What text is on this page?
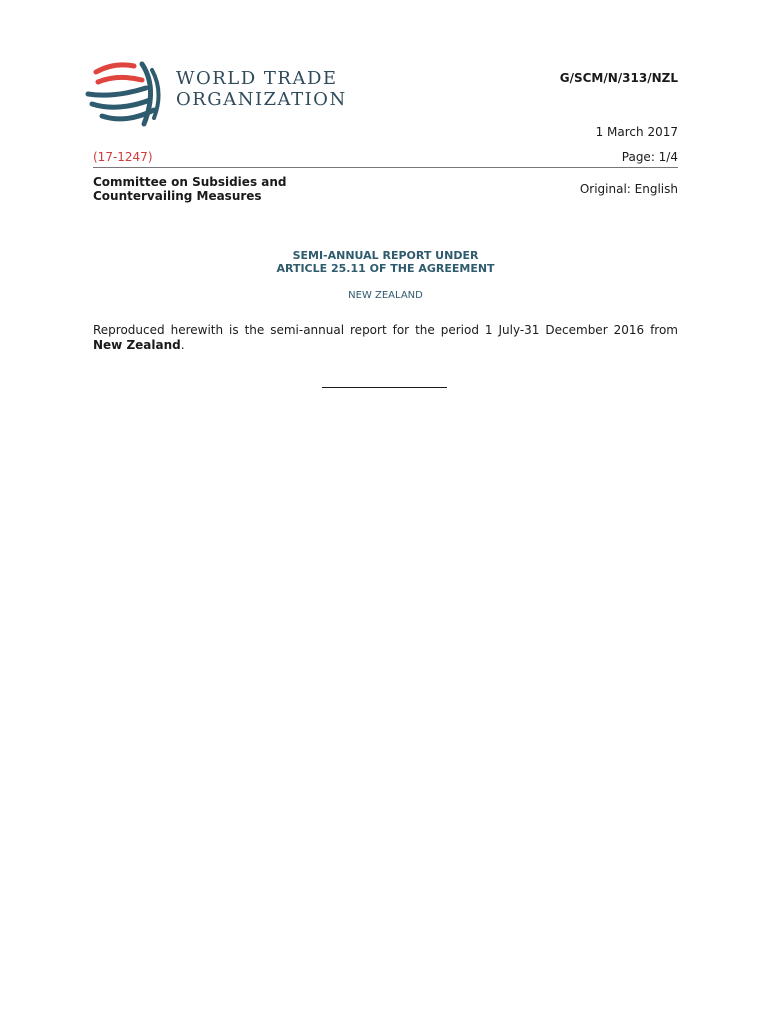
WORLD TRADE
ORGANIZATION
G/SCM/N/313/NZL
1 March 2017
(17-1247)	Page: 1/4
Committee on Subsidies and Countervailing Measures	Original: English
SEMI-ANNUAL REPORT UNDER
ARTICLE 25.11 OF THE AGREEMENT
NEW ZEALAND
Reproduced herewith is the semi-annual report for the period 1 July-31 December 2016 from New Zealand.
